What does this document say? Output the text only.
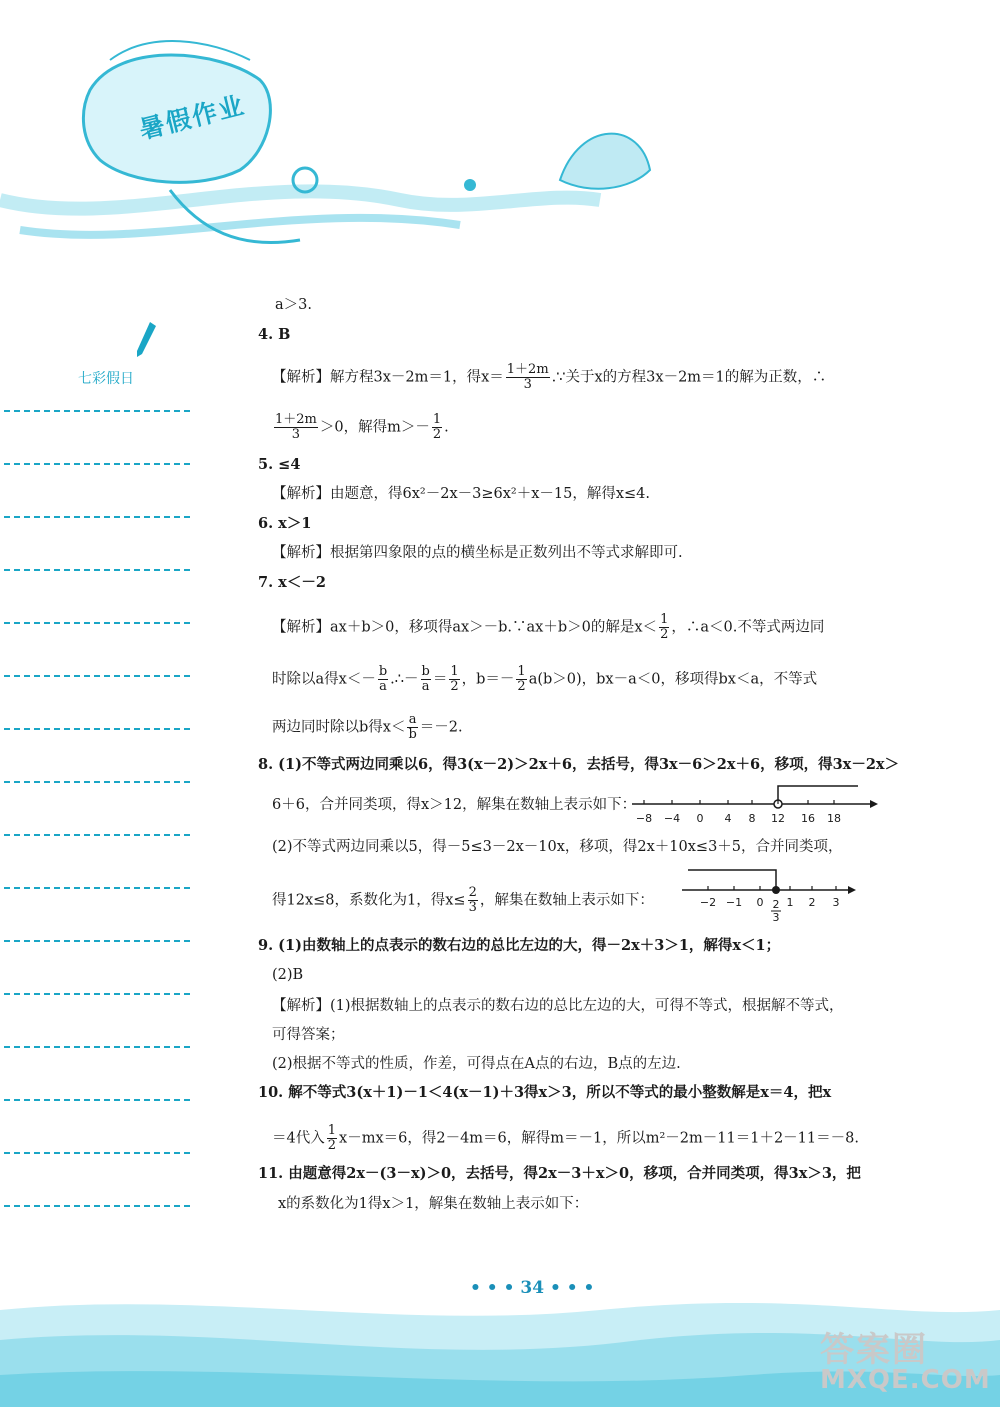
暑假作业
七彩假日
a＞3.
4. B
【解析】解方程3x－2m＝1，得$x= \frac{1+2m}{3}$ .∵关于x的方程3x－2m＝1的解为正数，∴
$\frac{1+2m}{3} >0$，解得$m>- \frac{1}{2}$ .
5. ≤4
【解析】由题意，得6x²－2x－3≥6x²＋x－15，解得x≤4.
6. x＞1
【解析】根据第四象限的点的横坐标是正数列出不等式求解即可.
7. x＜－2
【解析】ax＋b＞0，移项得ax＞－b.∵ax＋b＞0的解是$x< \frac{1}{2}$ ，∴a＜0.不等式两边同
时除以a得$x<- \frac{b}{a}$ .∴－ $\frac{b}{a} = \frac{1}{2}$ ，$b=- \frac{1}{2} a(b>0)$，bx－a＜0，移项得bx＜a，不等式
两边同时除以b得$x< \frac{a}{b} =-2$.
8. (1)不等式两边同乘以6，得3(x－2)＞2x＋6，去括号，得3x－6＞2x＋6，移项，得3x－2x＞
6＋6，合并同类项，得x＞12，解集在数轴上表示如下：
−8 −4 0 4 8 12 16 18
(2)不等式两边同乘以5，得－5≤3－2x－10x，移项，得2x＋10x≤3＋5，合并同类项，
得12x≤8，系数化为1，得$x\le \frac{2}{3}$ ，解集在数轴上表示如下：	−2 −1 0 1 2 3
2
3
9. (1)由数轴上的点表示的数右边的总比左边的大，得－2x＋3＞1，解得x＜1；
(2)B
【解析】(1)根据数轴上的点表示的数右边的总比左边的大，可得不等式，根据解不等式，
可得答案；
(2)根据不等式的性质，作差，可得点在A点的右边，B点的左边.
10. 解不等式3(x＋1)－1＜4(x－1)＋3得x＞3，所以不等式的最小整数解是x＝4，把x
＝4代入 $\frac{1}{2} x-mx=6$，得2－4m＝6，解得m＝－1，所以m²－2m－11＝1＋2－11＝－8.
11. 由题意得2x－(3－x)＞0，去括号，得2x－3＋x＞0，移项，合并同类项，得3x＞3，把
x的系数化为1得x＞1，解集在数轴上表示如下：
• • • 34 • • •
答案圈
MXQE.COM
